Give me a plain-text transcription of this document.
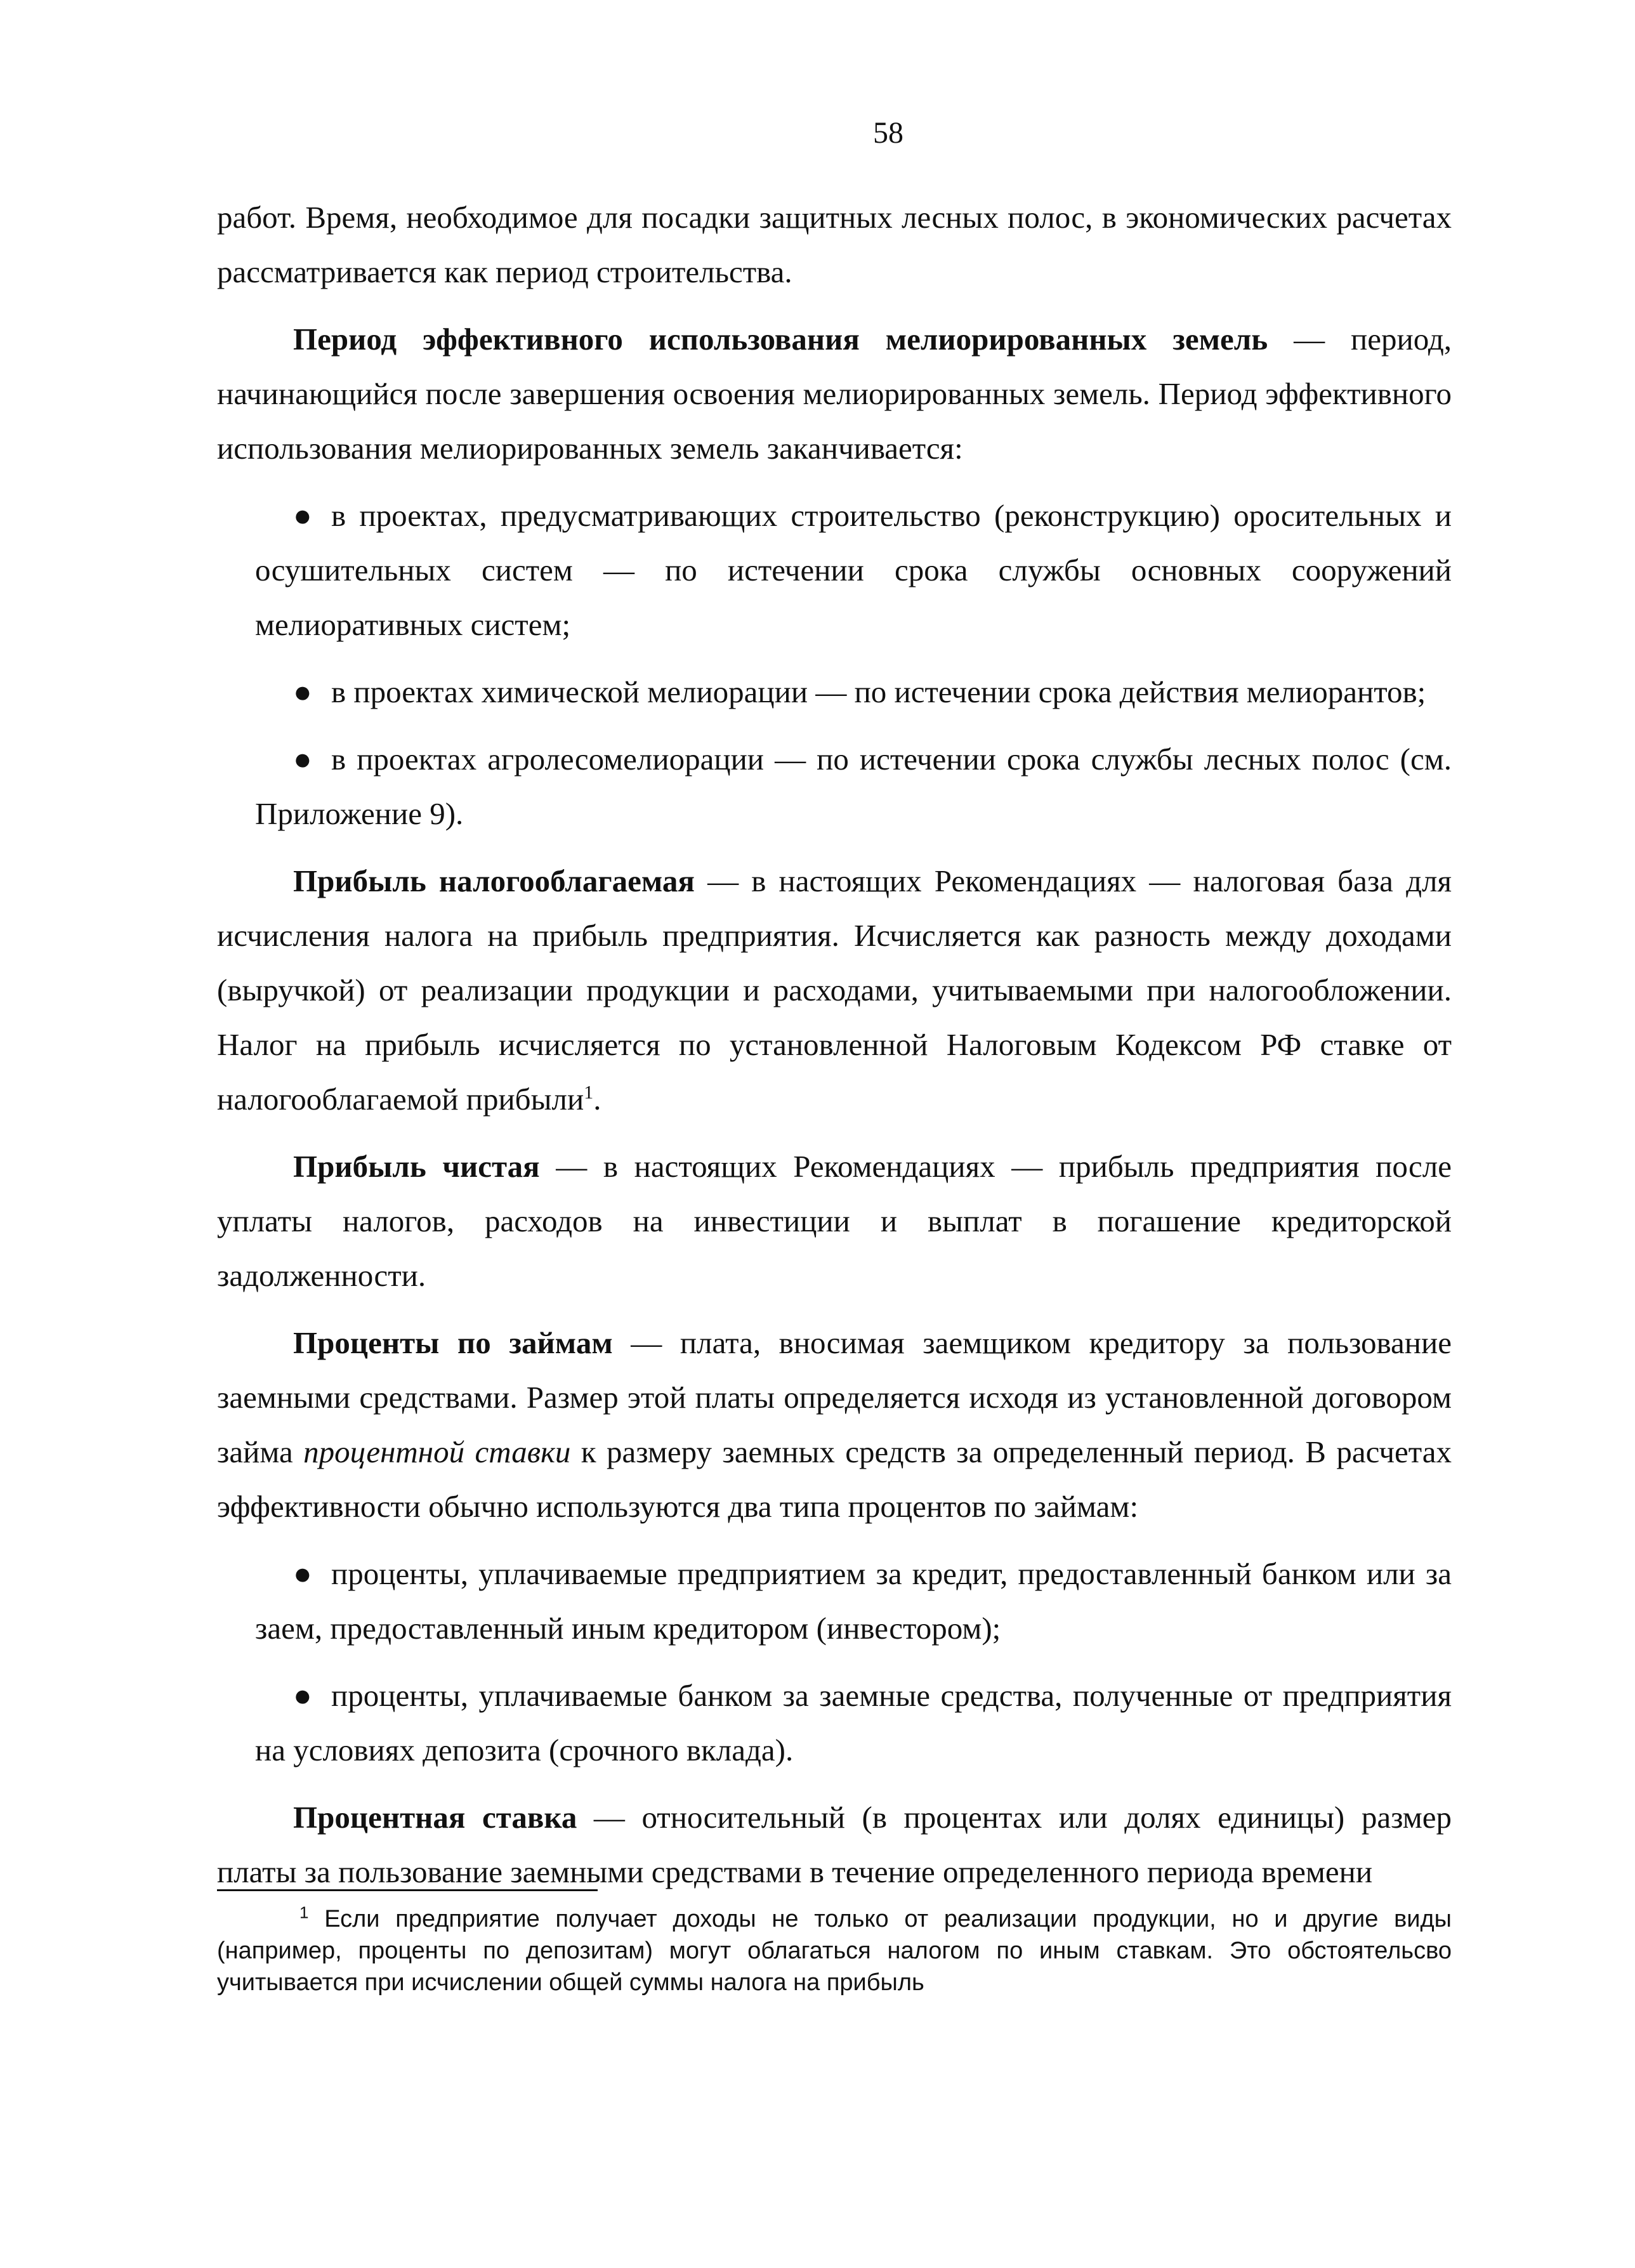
58

работ. Время, необходимое для посадки защитных лесных полос, в экономических расчетах рассматривается как период строительства.

Период эффективного использования мелиорированных земель — период, начинающийся после завершения освоения мелиорированных земель. Период эффективного использования мелиорированных земель заканчивается:

● в проектах, предусматривающих строительство (реконструкцию) оросительных и осушительных систем — по истечении срока службы основных сооружений мелиоративных систем;
● в проектах химической мелиорации — по истечении срока действия мелиорантов;
● в проектах агролесомелиорации — по истечении срока службы лесных полос (см. Приложение 9).

Прибыль налогооблагаемая — в настоящих Рекомендациях — налоговая база для исчисления налога на прибыль предприятия. Исчисляется как разность между доходами (выручкой) от реализации продукции и расходами, учитываемыми при налогообложении. Налог на прибыль исчисляется по установленной Налоговым Кодексом РФ ставке от налогооблагаемой прибыли$^1$.

Прибыль чистая — в настоящих Рекомендациях — прибыль предприятия после уплаты налогов, расходов на инвестиции и выплат в погашение кредиторской задолженности.

Проценты по займам — плата, вносимая заемщиком кредитору за пользование заемными средствами. Размер этой платы определяется исходя из установленной договором займа процентной ставки к размеру заемных средств за определенный период. В расчетах эффективности обычно используются два типа процентов по займам:

● проценты, уплачиваемые предприятием за кредит, предоставленный банком или за заем, предоставленный иным кредитором (инвестором);
● проценты, уплачиваемые банком за заемные средства, полученные от предприятия на условиях депозита (срочного вклада).

Процентная ставка — относительный (в процентах или долях единицы) размер платы за пользование заемными средствами в течение определенного периода времени

$^1$ Если предприятие получает доходы не только от реализации продукции, но и другие виды (например, проценты по депозитам) могут облагаться налогом по иным ставкам. Это обстоятельсво учитывается при исчислении общей суммы налога на прибыль
